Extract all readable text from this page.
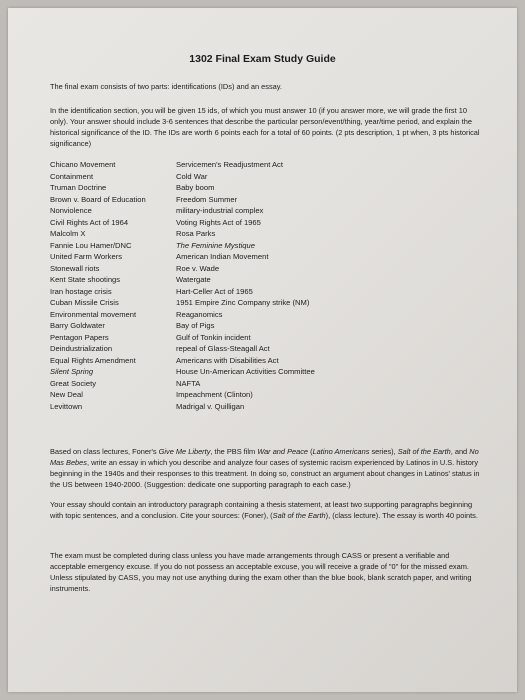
1302 Final Exam Study Guide

The final exam consists of two parts: identifications (IDs) and an essay.

In the identification section, you will be given 15 ids, of which you must answer 10 (if you answer more, we will grade the first 10 only). Your answer should include 3-6 sentences that describe the particular person/event/thing, year/time period, and explain the historical significance of the ID. The IDs are worth 6 points each for a total of 60 points. (2 pts description, 1 pt when, 3 pts historical significance)

Chicano Movement
Containment
Truman Doctrine
Brown v. Board of Education
Nonviolence
Civil Rights Act of 1964
Malcolm X
Fannie Lou Hamer/DNC
United Farm Workers
Stonewall riots
Kent State shootings
Iran hostage crisis
Cuban Missile Crisis
Environmental movement
Barry Goldwater
Pentagon Papers
Deindustrialization
Equal Rights Amendment
Silent Spring
Great Society
New Deal
Levittown
Servicemen's Readjustment Act
Cold War
Baby boom
Freedom Summer
military-industrial complex
Voting Rights Act of 1965
Rosa Parks
The Feminine Mystique
American Indian Movement
Roe v. Wade
Watergate
Hart-Celler Act of 1965
1951 Empire Zinc Company strike (NM)
Reaganomics
Bay of Pigs
Gulf of Tonkin incident
repeal of Glass-Steagall Act
Americans with Disabilities Act
House Un-American Activities Committee
NAFTA
Impeachment (Clinton)
Madrigal v. Quilligan

Based on class lectures, Foner's Give Me Liberty, the PBS film War and Peace (Latino Americans series), Salt of the Earth, and No Mas Bebes, write an essay in which you describe and analyze four cases of systemic racism experienced by Latinos in U.S. history beginning in the 1940s and their responses to this treatment. In doing so, construct an argument about changes in Latinos' status in the US between 1940-2000. (Suggestion: dedicate one supporting paragraph to each case.)

Your essay should contain an introductory paragraph containing a thesis statement, at least two supporting paragraphs beginning with topic sentences, and a conclusion. Cite your sources: (Foner), (Salt of the Earth), (class lecture). The essay is worth 40 points.

The exam must be completed during class unless you have made arrangements through CASS or present a verifiable and acceptable emergency excuse. If you do not possess an acceptable excuse, you will receive a grade of "0" for the missed exam. Unless stipulated by CASS, you may not use anything during the exam other than the blue book, blank scratch paper, and writing instruments.
